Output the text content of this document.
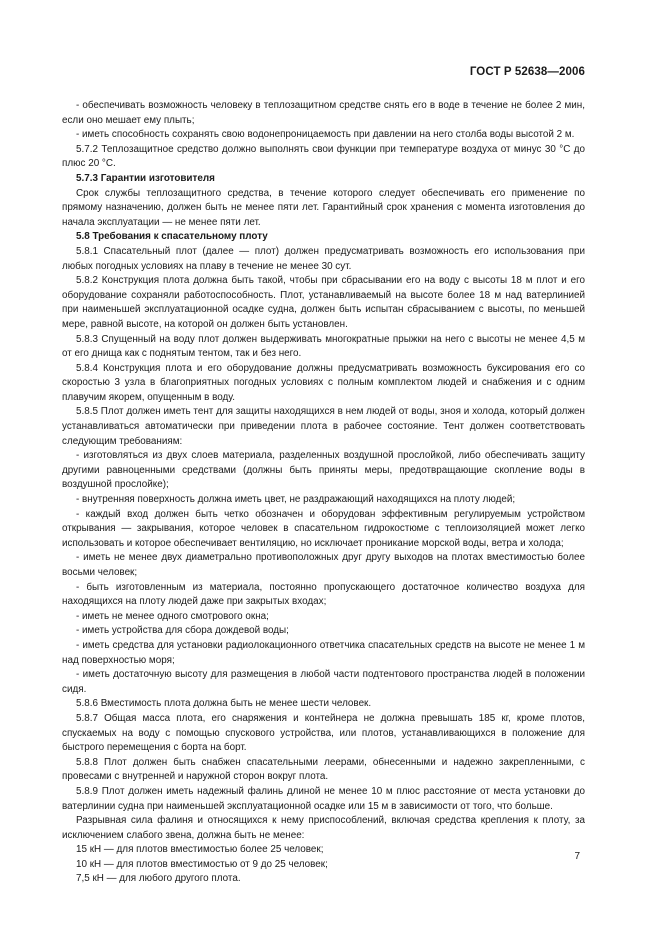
ГОСТ Р 52638—2006

- обеспечивать возможность человеку в теплозащитном средстве снять его в воде в течение не более 2 мин, если оно мешает ему плыть;

- иметь способность сохранять свою водонепроницаемость при давлении на него столба воды высотой 2 м.

5.7.2 Теплозащитное средство должно выполнять свои функции при температуре воздуха от минус 30 °С до плюс 20 °С.

5.7.3 Гарантии изготовителя

Срок службы теплозащитного средства, в течение которого следует обеспечивать его применение по прямому назначению, должен быть не менее пяти лет. Гарантийный срок хранения с момента изготовления до начала эксплуатации — не менее пяти лет.

5.8 Требования к спасательному плоту

5.8.1 Спасательный плот (далее — плот) должен предусматривать возможность его использования при любых погодных условиях на плаву в течение не менее 30 сут.

5.8.2 Конструкция плота должна быть такой, чтобы при сбрасывании его на воду с высоты 18 м плот и его оборудование сохраняли работоспособность. Плот, устанавливаемый на высоте более 18 м над ватерлинией при наименьшей эксплуатационной осадке судна, должен быть испытан сбрасыванием с высоты, по меньшей мере, равной высоте, на которой он должен быть установлен.

5.8.3 Спущенный на воду плот должен выдерживать многократные прыжки на него с высоты не менее 4,5 м от его днища как с поднятым тентом, так и без него.

5.8.4 Конструкция плота и его оборудование должны предусматривать возможность буксирования его со скоростью 3 узла в благоприятных погодных условиях с полным комплектом людей и снабжения и с одним плавучим якорем, опущенным в воду.

5.8.5 Плот должен иметь тент для защиты находящихся в нем людей от воды, зноя и холода, который должен устанавливаться автоматически при приведении плота в рабочее состояние. Тент должен соответствовать следующим требованиям:

- изготовляться из двух слоев материала, разделенных воздушной прослойкой, либо обеспечивать защиту другими равноценными средствами (должны быть приняты меры, предотвращающие скопление воды в воздушной прослойке);

- внутренняя поверхность должна иметь цвет, не раздражающий находящихся на плоту людей;

- каждый вход должен быть четко обозначен и оборудован эффективным регулируемым устройством открывания — закрывания, которое человек в спасательном гидрокостюме с теплоизоляцией может легко использовать и которое обеспечивает вентиляцию, но исключает проникание морской воды, ветра и холода;

- иметь не менее двух диаметрально противоположных друг другу выходов на плотах вместимостью более восьми человек;

- быть изготовленным из материала, постоянно пропускающего достаточное количество воздуха для находящихся на плоту людей даже при закрытых входах;

- иметь не менее одного смотрового окна;

- иметь устройства для сбора дождевой воды;

- иметь средства для установки радиолокационного ответчика спасательных средств на высоте не менее 1 м над поверхностью моря;

- иметь достаточную высоту для размещения в любой части подтентового пространства людей в положении сидя.

5.8.6 Вместимость плота должна быть не менее шести человек.

5.8.7 Общая масса плота, его снаряжения и контейнера не должна превышать 185 кг, кроме плотов, спускаемых на воду с помощью спускового устройства, или плотов, устанавливающихся в положение для быстрого перемещения с борта на борт.

5.8.8 Плот должен быть снабжен спасательными леерами, обнесенными и надежно закрепленными, с провесами с внутренней и наружной сторон вокруг плота.

5.8.9 Плот должен иметь надежный фалинь длиной не менее 10 м плюс расстояние от места установки до ватерлинии судна при наименьшей эксплуатационной осадке или 15 м в зависимости от того, что больше.

Разрывная сила фалиня и относящихся к нему приспособлений, включая средства крепления к плоту, за исключением слабого звена, должна быть не менее:

15 кН — для плотов вместимостью более 25 человек;

10 кН — для плотов вместимостью от 9 до 25 человек;

7,5 кН — для любого другого плота.

7
